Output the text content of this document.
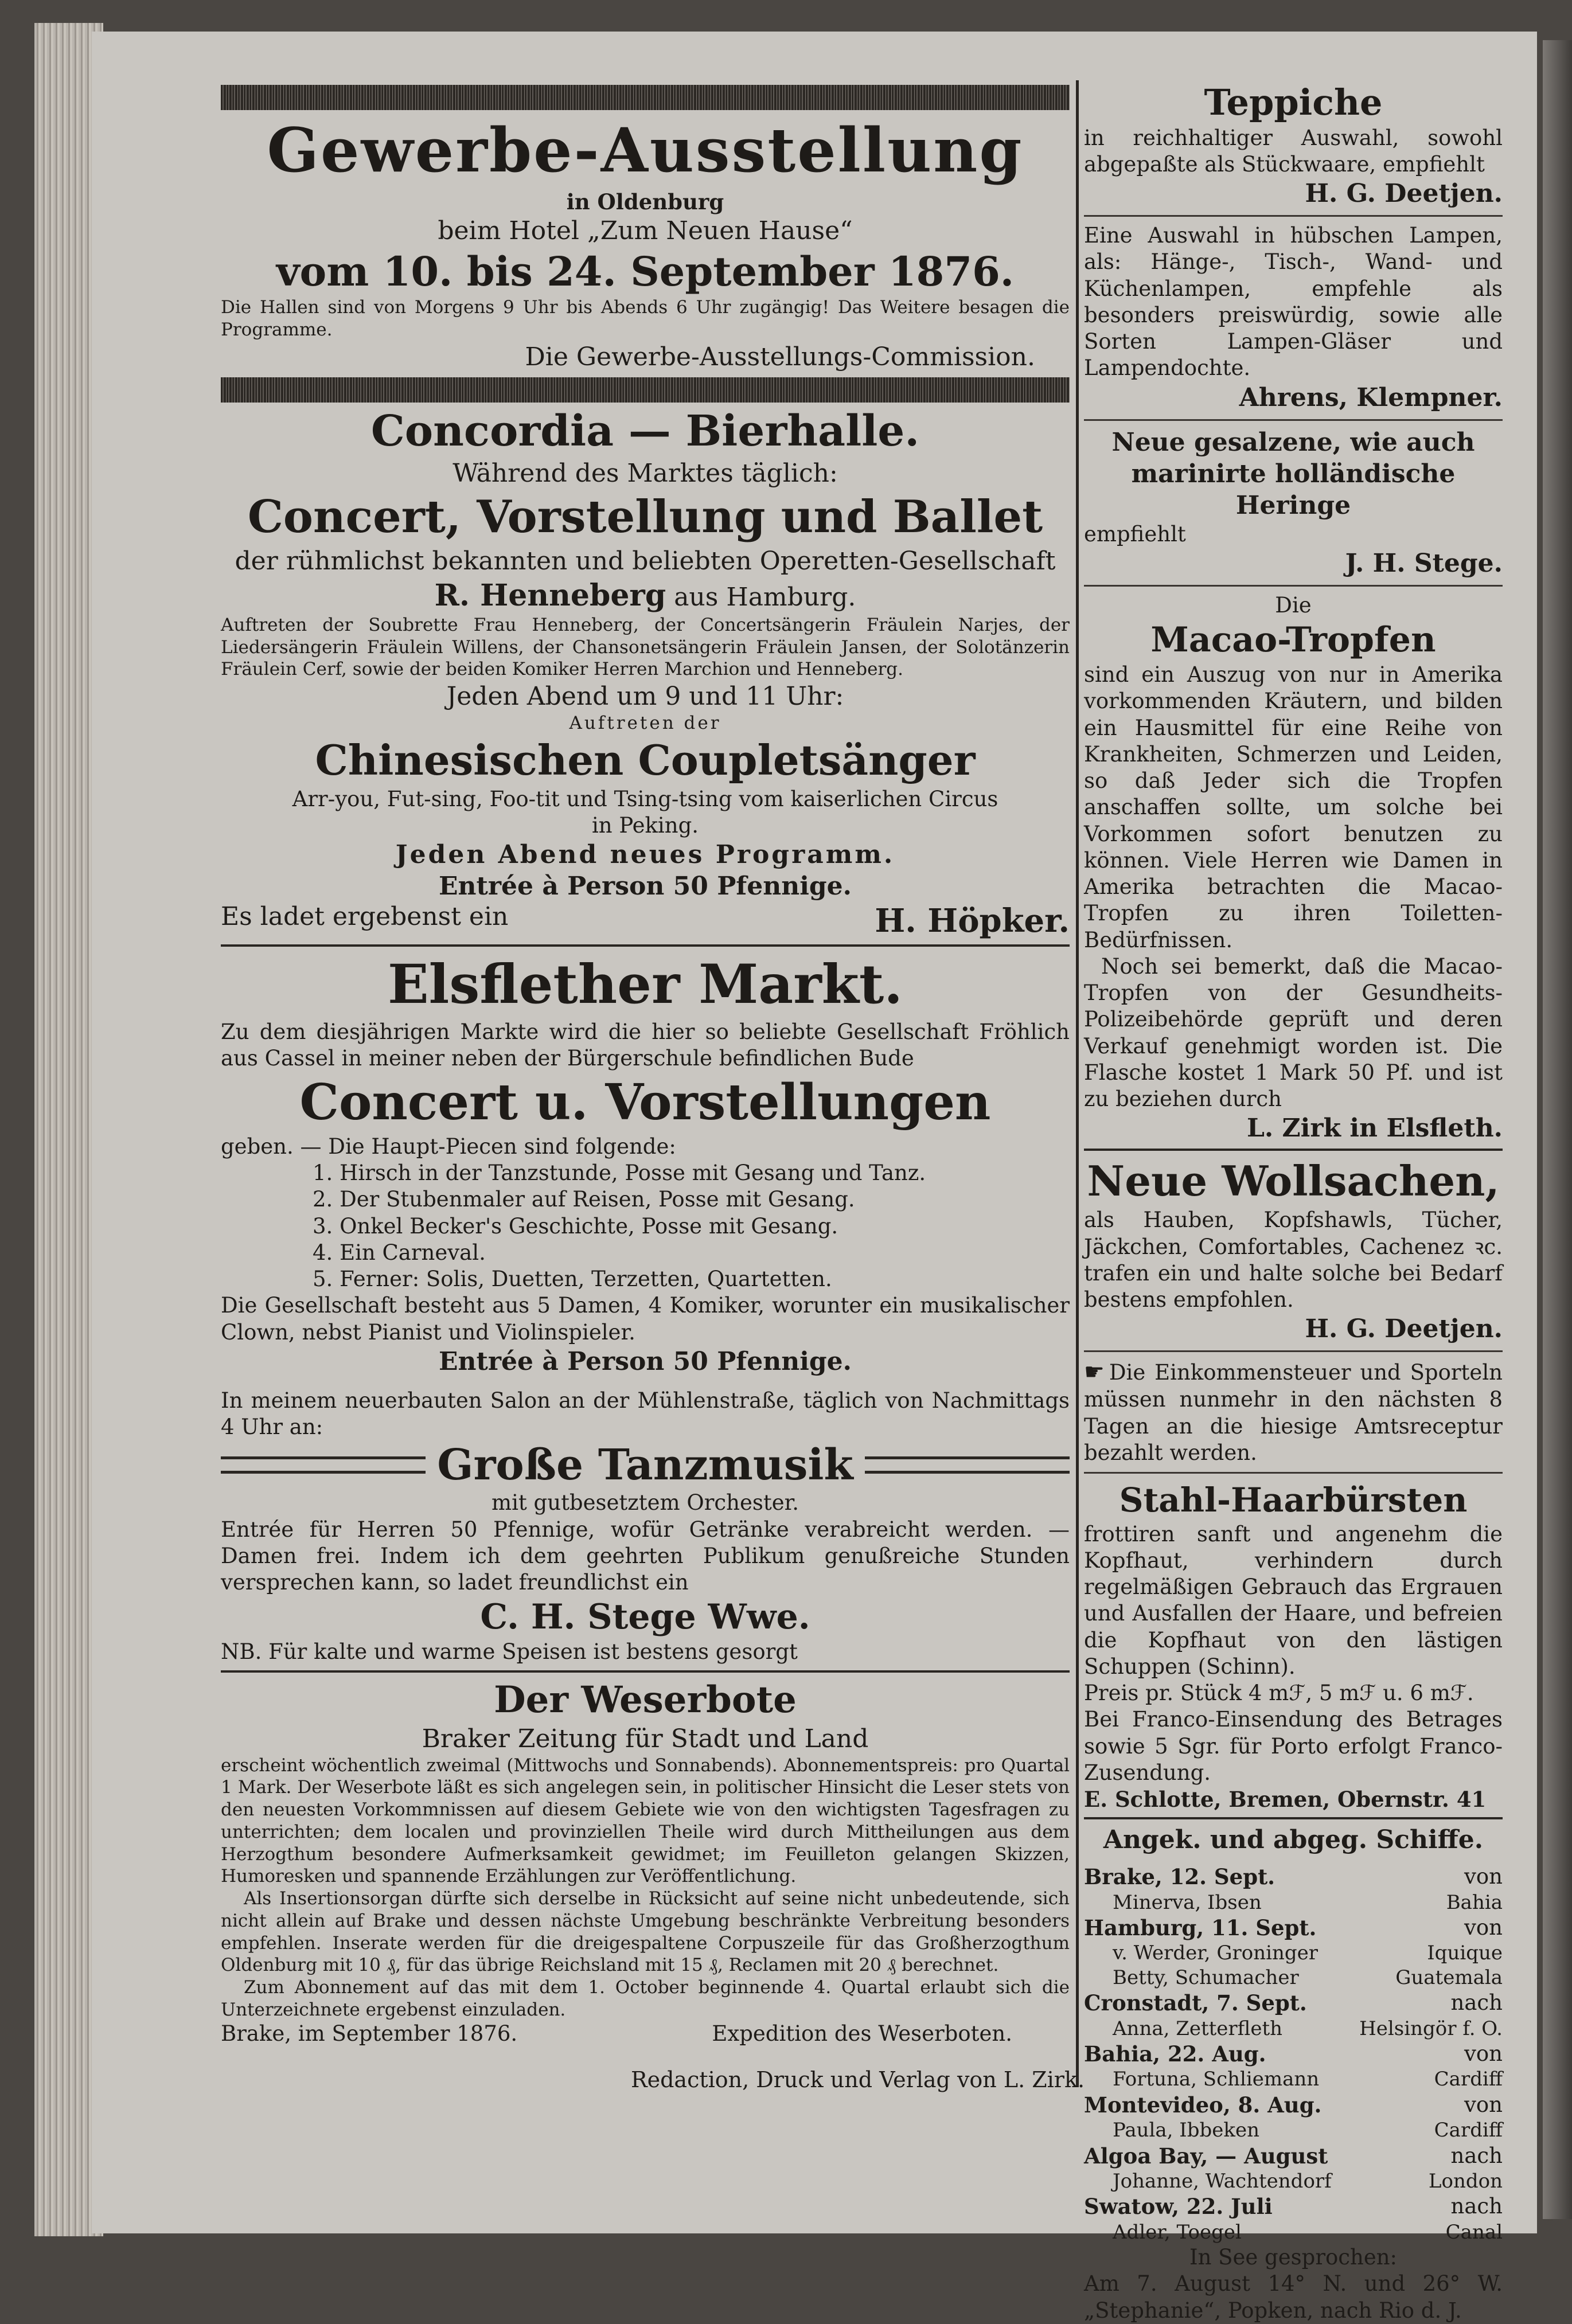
Gewerbe-Ausstellung

in Oldenburg

beim Hotel „Zum Neuen Hause“

vom 10. bis 24. September 1876.

Die Hallen sind von Morgens 9 Uhr bis Abends 6 Uhr zugängig! Das Weitere besagen die Programme.

Die Gewerbe-Ausstellungs-Commission.

Concordia — Bierhalle.

Während des Marktes täglich:

Concert, Vorstellung und Ballet

der rühmlichst bekannten und beliebten Operetten-Gesellschaft

R. Henneberg aus Hamburg.

Auftreten der Soubrette Frau Henneberg, der Concertsängerin Fräulein Narjes, der Liedersängerin Fräulein Willens, der Chansonetsängerin Fräulein Jansen, der Solotänzerin Fräulein Cerf, sowie der beiden Komiker Herren Marchion und Henneberg.

Jeden Abend um 9 und 11 Uhr:

Auftreten der

Chinesischen Coupletsänger

Arr-you, Fut-sing, Foo-tit und Tsing-tsing vom kaiserlichen Circus

in Peking.

Jeden Abend neues Programm.

Entrée à Person 50 Pfennige.

Es ladet ergebenst ein	H. Höpker.

Elsflether Markt.

Zu dem diesjährigen Markte wird die hier so beliebte Gesellschaft Fröhlich aus Cassel in meiner neben der Bürgerschule befindlichen Bude

Concert u. Vorstellungen

geben. — Die Haupt-Piecen sind folgende:

1. Hirsch in der Tanzstunde, Posse mit Gesang und Tanz.

2. Der Stubenmaler auf Reisen, Posse mit Gesang.

3. Onkel Becker's Geschichte, Posse mit Gesang.

4. Ein Carneval.

5. Ferner: Solis, Duetten, Terzetten, Quartetten.

Die Gesellschaft besteht aus 5 Damen, 4 Komiker, worunter ein musikalischer Clown, nebst Pianist und Violinspieler.

Entrée à Person 50 Pfennige.

In meinem neuerbauten Salon an der Mühlenstraße, täglich von Nachmittags 4 Uhr an:

Große Tanzmusik

mit gutbesetztem Orchester.

Entrée für Herren 50 Pfennige, wofür Getränke verabreicht werden. — Damen frei. Indem ich dem geehrten Publikum genußreiche Stunden versprechen kann, so ladet freundlichst ein

C. H. Stege Wwe.

NB. Für kalte und warme Speisen ist bestens gesorgt

Der Weserbote

Braker Zeitung für Stadt und Land

erscheint wöchentlich zweimal (Mittwochs und Sonnabends). Abonnementspreis: pro Quartal 1 Mark. Der Weserbote läßt es sich angelegen sein, in politischer Hinsicht die Leser stets von den neuesten Vorkommnissen auf diesem Gebiete wie von den wichtigsten Tagesfragen zu unterrichten; dem localen und provinziellen Theile wird durch Mittheilungen aus dem Herzogthum besondere Aufmerksamkeit gewidmet; im Feuilleton gelangen Skizzen, Humoresken und spannende Erzählungen zur Veröffentlichung.

Als Insertionsorgan dürfte sich derselbe in Rücksicht auf seine nicht unbedeutende, sich nicht allein auf Brake und dessen nächste Umgebung beschränkte Verbreitung besonders empfehlen. Inserate werden für die dreigespaltene Corpuszeile für das Großherzogthum Oldenburg mit 10 ₰, für das übrige Reichsland mit 15 ₰, Reclamen mit 20 ₰ berechnet.

Zum Abonnement auf das mit dem 1. October beginnende 4. Quartal erlaubt sich die Unterzeichnete ergebenst einzuladen.

Brake, im September 1876.	Expedition des Weserboten.

Teppiche

in reichhaltiger Auswahl, sowohl abgepaßte als Stückwaare, empfiehlt

H. G. Deetjen.

Eine Auswahl in hübschen Lampen, als: Hänge-, Tisch-, Wand- und Küchenlampen, empfehle als besonders preiswürdig, sowie alle Sorten Lampen-Gläser und Lampendochte.

Ahrens, Klempner.

Neue gesalzene, wie auch marinirte holländische Heringe

empfiehlt

J. H. Stege.

Die

Macao-Tropfen

sind ein Auszug von nur in Amerika vorkommenden Kräutern, und bilden ein Hausmittel für eine Reihe von Krankheiten, Schmerzen und Leiden, so daß Jeder sich die Tropfen anschaffen sollte, um solche bei Vorkommen sofort benutzen zu können. Viele Herren wie Damen in Amerika betrachten die Macao-Tropfen zu ihren Toiletten-Bedürfnissen.

Noch sei bemerkt, daß die Macao-Tropfen von der Gesundheits-Polizeibehörde geprüft und deren Verkauf genehmigt worden ist. Die Flasche kostet 1 Mark 50 Pf. und ist zu beziehen durch

L. Zirk in Elsfleth.

Neue Wollsachen,

als Hauben, Kopfshawls, Tücher, Jäckchen, Comfortables, Cachenez ꝛc. trafen ein und halte solche bei Bedarf bestens empfohlen.

H. G. Deetjen.

☛ Die Einkommensteuer und Sporteln müssen nunmehr in den nächsten 8 Tagen an die hiesige Amtsreceptur bezahlt werden.

Stahl-Haarbürsten

frottiren sanft und angenehm die Kopfhaut, verhindern durch regelmäßigen Gebrauch das Ergrauen und Ausfallen der Haare, und befreien die Kopfhaut von den lästigen Schuppen (Schinn).

Preis pr. Stück 4 mℱ, 5 mℱ u. 6 mℱ.

Bei Franco-Einsendung des Betrages sowie 5 Sgr. für Porto erfolgt Franco-Zusendung.

E. Schlotte, Bremen, Obernstr. 41

Angek. und abgeg. Schiffe.

Brake, 12. Sept.	von
Minerva, Ibsen	Bahia
Hamburg, 11. Sept.	von
v. Werder, Groninger	Iquique
Betty, Schumacher	Guatemala
Cronstadt, 7. Sept.	nach
Anna, Zetterfleth	Helsingör f. O.
Bahia, 22. Aug.	von
Fortuna, Schliemann	Cardiff
Montevideo, 8. Aug.	von
Paula, Ibbeken	Cardiff
Algoa Bay, — August	nach
Johanne, Wachtendorf	London
Swatow, 22. Juli	nach
Adler, Toegel	Canal

In See gesprochen:

Am 7. August 14° N. und 26° W. „Stephanie“, Popken, nach Rio d. J.

Redaction, Druck und Verlag von L. Zirk.
